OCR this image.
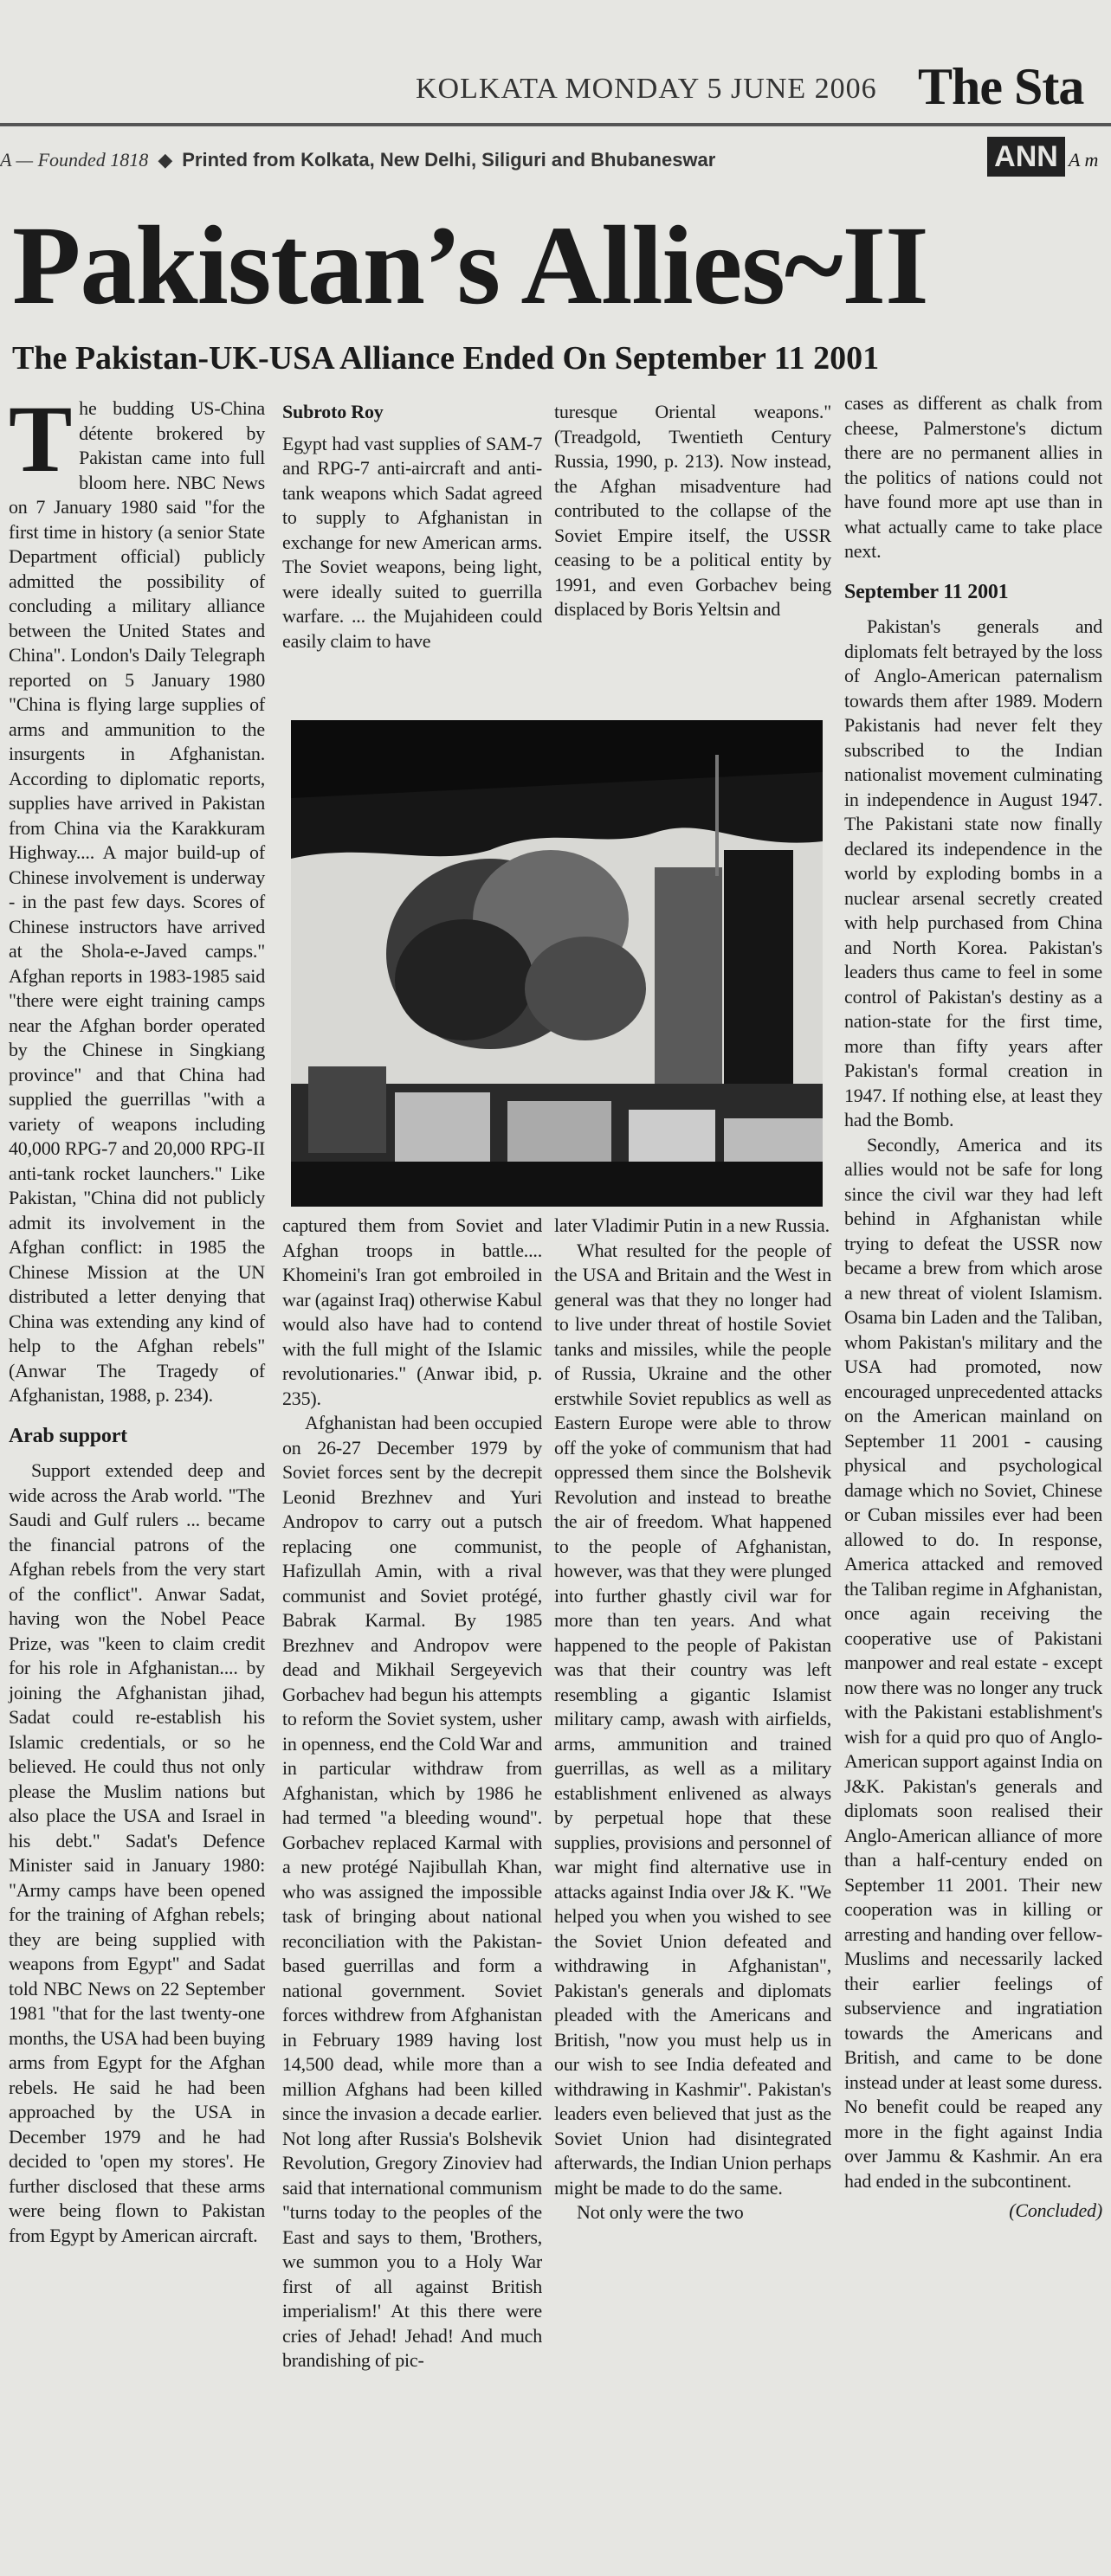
KOLKATA MONDAY 5 JUNE 2006 The Sta
A — Founded 1818  ◆  Printed from Kolkata, New Delhi, Siliguri and Bhubaneswar	ANN A m
Pakistan’s Allies~II
The Pakistan-UK-USA Alliance Ended On September 11 2001

The budding US-China détente brokered by Pakistan came into full bloom here. NBC News on 7 January 1980 said "for the first time in history (a senior State Department official) publicly admitted the possibility of concluding a military alliance between the United States and China". London's Daily Telegraph reported on 5 January 1980 "China is flying large supplies of arms and ammunition to the insurgents in Afghanistan. According to diplomatic reports, supplies have arrived in Pakistan from China via the Karakkuram Highway.... A major build-up of Chinese involvement is underway - in the past few days. Scores of Chinese instructors have arrived at the Shola-e-Javed camps." Afghan reports in 1983-1985 said "there were eight training camps near the Afghan border operated by the Chinese in Singkiang province" and that China had supplied the guerrillas "with a variety of weapons including 40,000 RPG-7 and 20,000 RPG-II anti-tank rocket launchers." Like Pakistan, "China did not publicly admit its involvement in the Afghan conflict: in 1985 the Chinese Mission at the UN distributed a letter denying that China was extending any kind of help to the Afghan rebels" (Anwar The Tragedy of Afghanistan, 1988, p. 234).

Arab support

Support extended deep and wide across the Arab world. "The Saudi and Gulf rulers ... became the financial patrons of the Afghan rebels from the very start of the conflict". Anwar Sadat, having won the Nobel Peace Prize, was "keen to claim credit for his role in Afghanistan.... by joining the Afghanistan jihad, Sadat could re-establish his Islamic credentials, or so he believed. He could thus not only please the Muslim nations but also place the USA and Israel in his debt." Sadat's Defence Minister said in January 1980: "Army camps have been opened for the training of Afghan rebels; they are being supplied with weapons from Egypt" and Sadat told NBC News on 22 September 1981 "that for the last twenty-one months, the USA had been buying arms from Egypt for the Afghan rebels. He said he had been approached by the USA in December 1979 and he had decided to 'open my stores'. He further disclosed that these arms were being flown to Pakistan from Egypt by American aircraft.

Subroto Roy

Egypt had vast supplies of SAM-7 and RPG-7 anti-aircraft and anti-tank weapons which Sadat agreed to supply to Afghanistan in exchange for new American arms. The Soviet weapons, being light, were ideally suited to guerrilla warfare. ... the Mujahideen could easily claim to have

turesque Oriental weapons." (Treadgold, Twentieth Century Russia, 1990, p. 213). Now instead, the Afghan misadventure had contributed to the collapse of the Soviet Empire itself, the USSR ceasing to be a political entity by 1991, and even Gorbachev being displaced by Boris Yeltsin and

captured them from Soviet and Afghan troops in battle.... Khomeini's Iran got embroiled in war (against Iraq) otherwise Kabul would also have had to contend with the full might of the Islamic revolutionaries." (Anwar ibid, p. 235).

Afghanistan had been occupied on 26-27 December 1979 by Soviet forces sent by the decrepit Leonid Brezhnev and Yuri Andropov to carry out a putsch replacing one communist, Hafizullah Amin, with a rival communist and Soviet protégé, Babrak Karmal. By 1985 Brezhnev and Andropov were dead and Mikhail Sergeyevich Gorbachev had begun his attempts to reform the Soviet system, usher in openness, end the Cold War and in particular withdraw from Afghanistan, which by 1986 he had termed "a bleeding wound". Gorbachev replaced Karmal with a new protégé Najibullah Khan, who was assigned the impossible task of bringing about national reconciliation with the Pakistan-based guerrillas and form a national government. Soviet forces withdrew from Afghanistan in February 1989 having lost 14,500 dead, while more than a million Afghans had been killed since the invasion a decade earlier. Not long after Russia's Bolshevik Revolution, Gregory Zinoviev had said that international communism "turns today to the peoples of the East and says to them, 'Brothers, we summon you to a Holy War first of all against British imperialism!' At this there were cries of Jehad! Jehad! And much brandishing of pic-

later Vladimir Putin in a new Russia.

What resulted for the people of the USA and Britain and the West in general was that they no longer had to live under threat of hostile Soviet tanks and missiles, while the people of Russia, Ukraine and the other erstwhile Soviet republics as well as Eastern Europe were able to throw off the yoke of communism that had oppressed them since the Bolshevik Revolution and instead to breathe the air of freedom. What happened to the people of Afghanistan, however, was that they were plunged into further ghastly civil war for more than ten years. And what happened to the people of Pakistan was that their country was left resembling a gigantic Islamist military camp, awash with airfields, arms, ammunition and trained guerrillas, as well as a military establishment enlivened as always by perpetual hope that these supplies, provisions and personnel of war might find alternative use in attacks against India over J& K. "We helped you when you wished to see the Soviet Union defeated and withdrawing in Afghanistan", Pakistan's generals and diplomats pleaded with the Americans and British, "now you must help us in our wish to see India defeated and withdrawing in Kashmir". Pakistan's leaders even believed that just as the Soviet Union had disintegrated afterwards, the Indian Union perhaps might be made to do the same.

Not only were the two

cases as different as chalk from cheese, Palmerstone's dictum there are no permanent allies in the politics of nations could not have found more apt use than in what actually came to take place next.

September 11 2001

Pakistan's generals and diplomats felt betrayed by the loss of Anglo-American paternalism towards them after 1989. Modern Pakistanis had never felt they subscribed to the Indian nationalist movement culminating in independence in August 1947. The Pakistani state now finally declared its independence in the world by exploding bombs in a nuclear arsenal secretly created with help purchased from China and North Korea. Pakistan's leaders thus came to feel in some control of Pakistan's destiny as a nation-state for the first time, more than fifty years after Pakistan's formal creation in 1947. If nothing else, at least they had the Bomb.

Secondly, America and its allies would not be safe for long since the civil war they had left behind in Afghanistan while trying to defeat the USSR now became a brew from which arose a new threat of violent Islamism. Osama bin Laden and the Taliban, whom Pakistan's military and the USA had promoted, now encouraged unprecedented attacks on the American mainland on September 11 2001 - causing physical and psychological damage which no Soviet, Chinese or Cuban missiles ever had been allowed to do. In response, America attacked and removed the Taliban regime in Afghanistan, once again receiving the cooperative use of Pakistani manpower and real estate - except now there was no longer any truck with the Pakistani establishment's wish for a quid pro quo of Anglo-American support against India on J&K. Pakistan's generals and diplomats soon realised their Anglo-American alliance of more than a half-century ended on September 11 2001. Their new cooperation was in killing or arresting and handing over fellow-Muslims and necessarily lacked their earlier feelings of subservience and ingratiation towards the Americans and British, and came to be done instead under at least some duress. No benefit could be reaped any more in the fight against India over Jammu & Kashmir. An era had ended in the subcontinent.

(Concluded)
